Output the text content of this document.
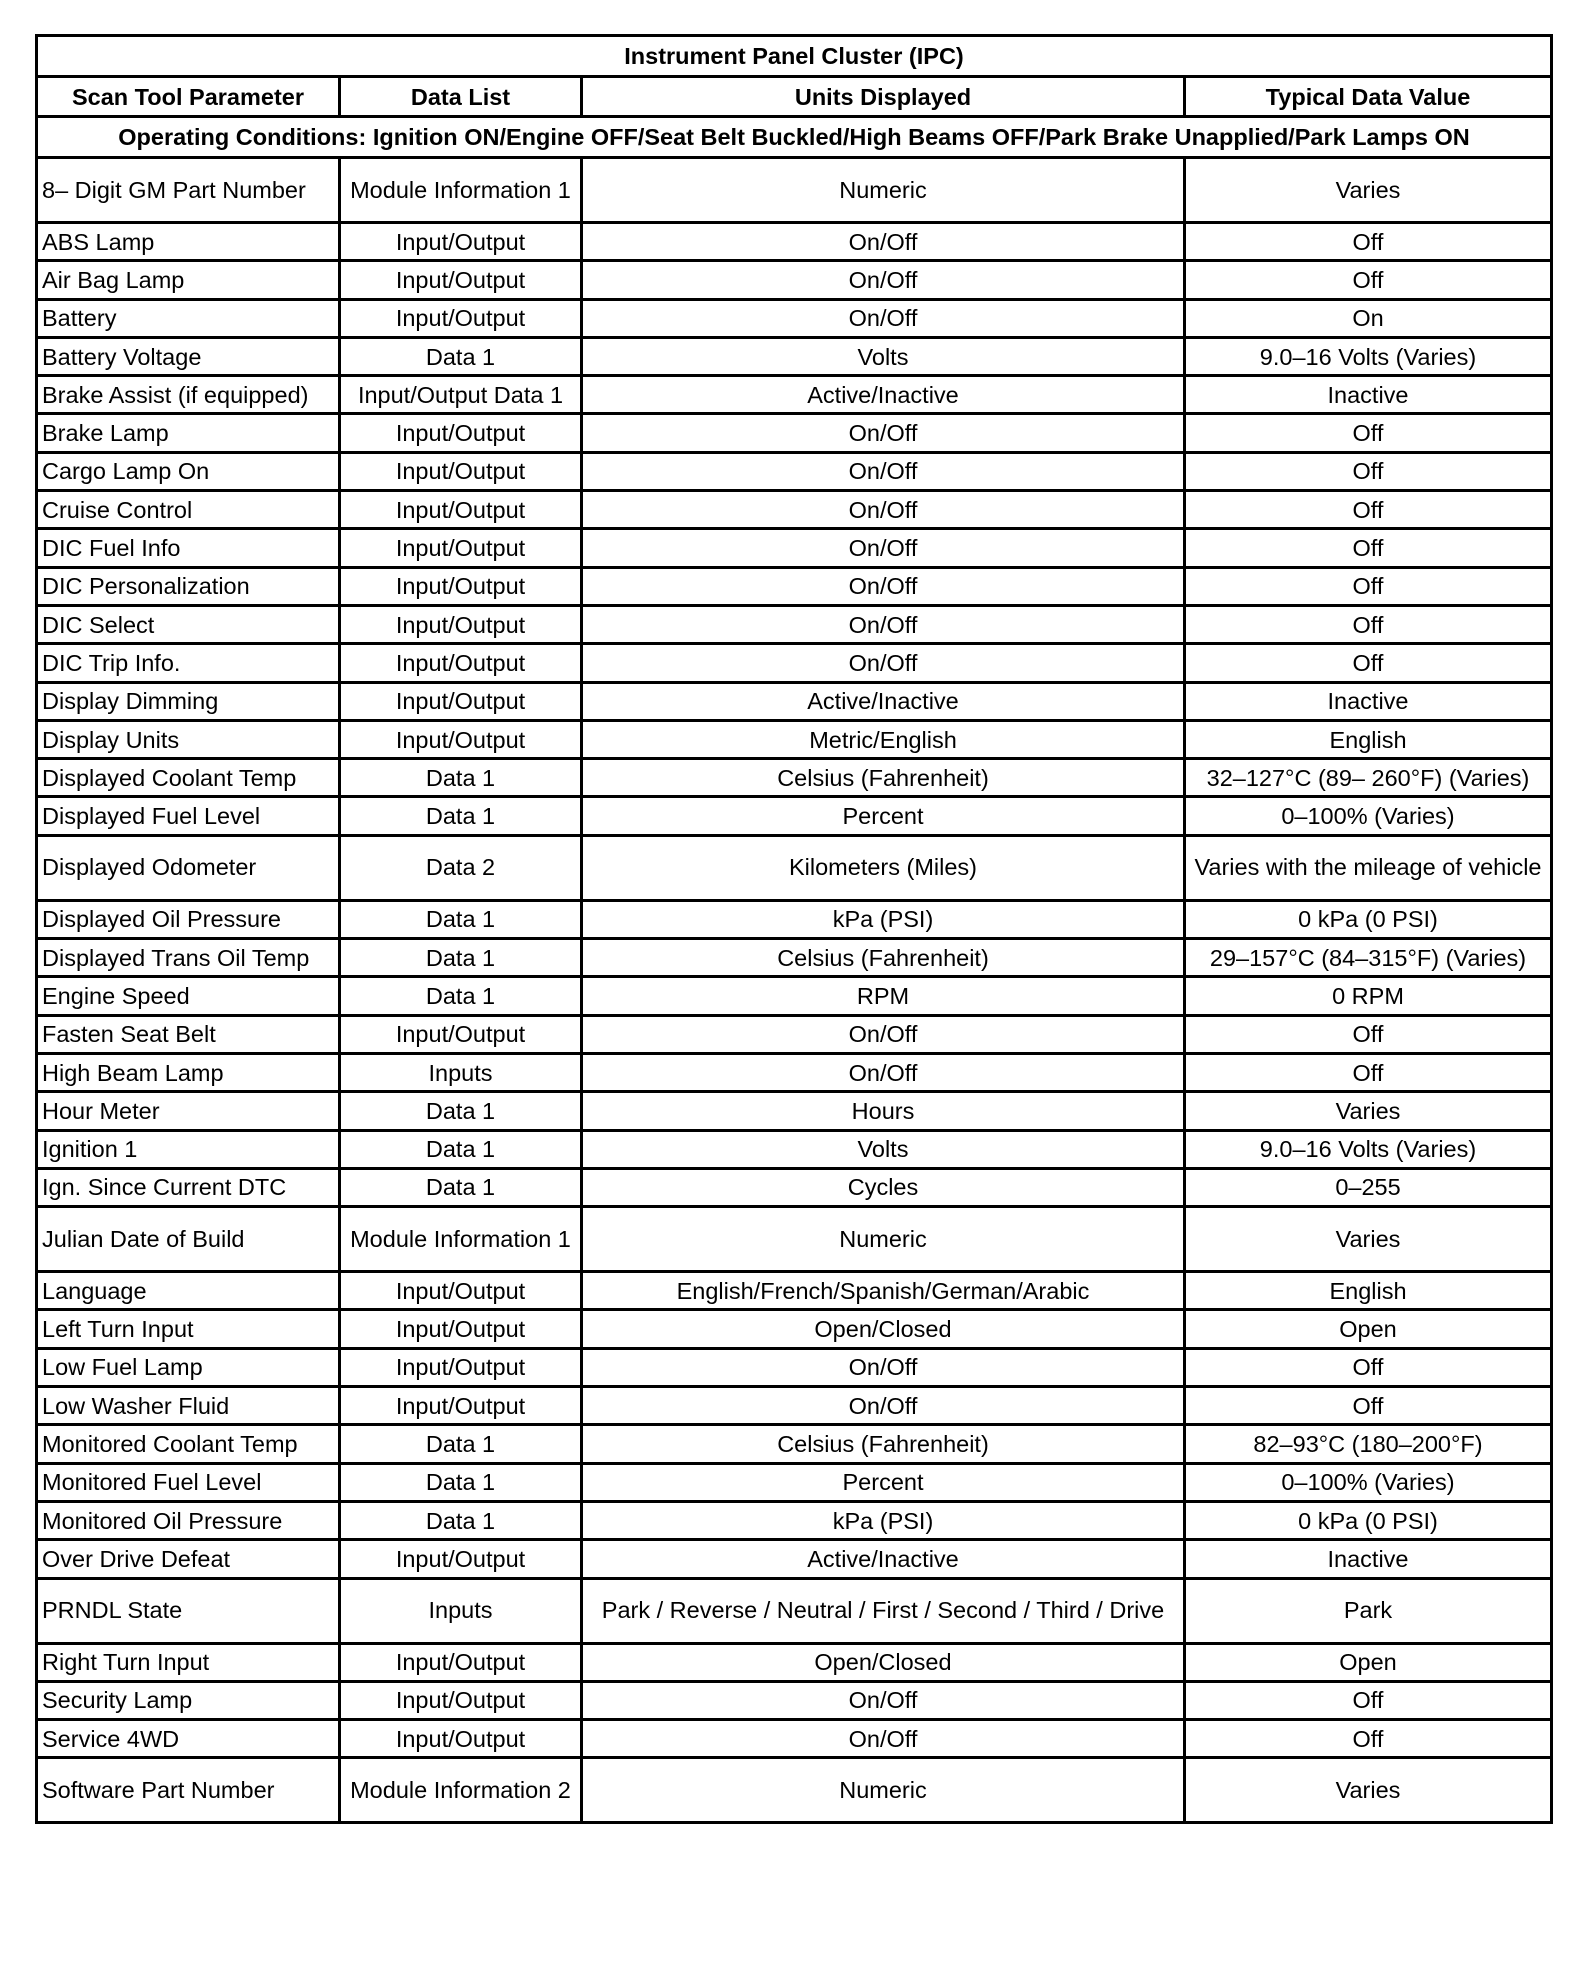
Instrument Panel Cluster (IPC)			
Scan Tool Parameter	Data List	Units Displayed	Typical Data Value
Operating Conditions: Ignition ON/Engine OFF/Seat Belt Buckled/High Beams OFF/Park Brake Unapplied/Park Lamps ON			
8– Digit GM Part Number	Module Information 1	Numeric	Varies
ABS Lamp	Input/Output	On/Off	Off
Air Bag Lamp	Input/Output	On/Off	Off
Battery	Input/Output	On/Off	On
Battery Voltage	Data 1	Volts	9.0–16 Volts (Varies)
Brake Assist (if equipped)	Input/Output Data 1	Active/Inactive	Inactive
Brake Lamp	Input/Output	On/Off	Off
Cargo Lamp On	Input/Output	On/Off	Off
Cruise Control	Input/Output	On/Off	Off
DIC Fuel Info	Input/Output	On/Off	Off
DIC Personalization	Input/Output	On/Off	Off
DIC Select	Input/Output	On/Off	Off
DIC Trip Info.	Input/Output	On/Off	Off
Display Dimming	Input/Output	Active/Inactive	Inactive
Display Units	Input/Output	Metric/English	English
Displayed Coolant Temp	Data 1	Celsius (Fahrenheit)	32–127°C (89– 260°F) (Varies)
Displayed Fuel Level	Data 1	Percent	0–100% (Varies)
Displayed Odometer	Data 2	Kilometers (Miles)	Varies with the mileage of vehicle
Displayed Oil Pressure	Data 1	kPa (PSI)	0 kPa (0 PSI)
Displayed Trans Oil Temp	Data 1	Celsius (Fahrenheit)	29–157°C (84–315°F) (Varies)
Engine Speed	Data 1	RPM	0 RPM
Fasten Seat Belt	Input/Output	On/Off	Off
High Beam Lamp	Inputs	On/Off	Off
Hour Meter	Data 1	Hours	Varies
Ignition 1	Data 1	Volts	9.0–16 Volts (Varies)
Ign. Since Current DTC	Data 1	Cycles	0–255
Julian Date of Build	Module Information 1	Numeric	Varies
Language	Input/Output	English/French/Spanish/German/Arabic	English
Left Turn Input	Input/Output	Open/Closed	Open
Low Fuel Lamp	Input/Output	On/Off	Off
Low Washer Fluid	Input/Output	On/Off	Off
Monitored Coolant Temp	Data 1	Celsius (Fahrenheit)	82–93°C (180–200°F)
Monitored Fuel Level	Data 1	Percent	0–100% (Varies)
Monitored Oil Pressure	Data 1	kPa (PSI)	0 kPa (0 PSI)
Over Drive Defeat	Input/Output	Active/Inactive	Inactive
PRNDL State	Inputs	Park / Reverse / Neutral / First / Second / Third / Drive	Park
Right Turn Input	Input/Output	Open/Closed	Open
Security Lamp	Input/Output	On/Off	Off
Service 4WD	Input/Output	On/Off	Off
Software Part Number	Module Information 2	Numeric	Varies
